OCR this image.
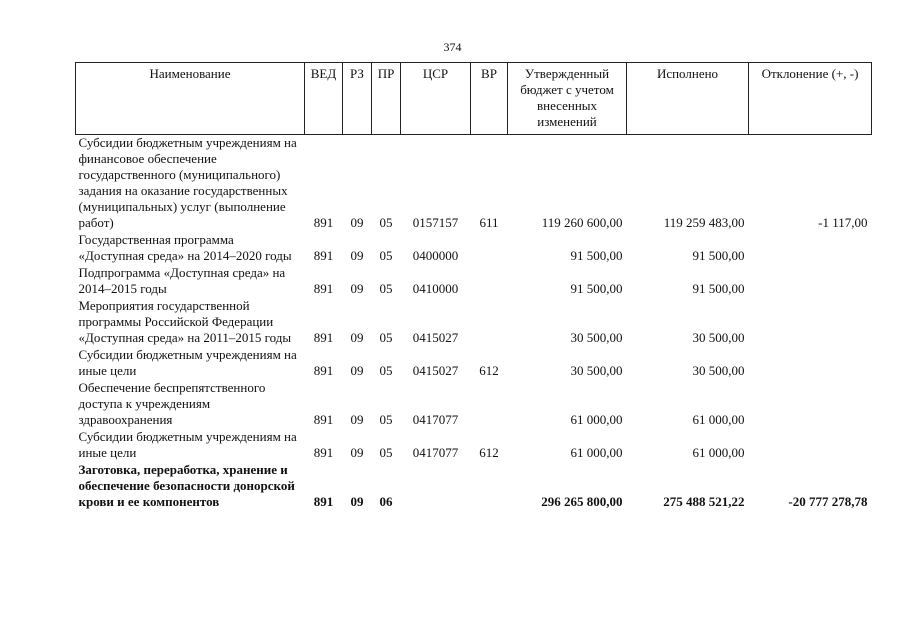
374
Наименование	ВЕД	РЗ	ПР	ЦСР	ВР	Утвержденный бюджет с учетом внесенных изменений	Исполнено	Отклонение (+, -)
Субсидии бюджетным учреждениям на финансовое обеспечение государственного (муниципального) задания на оказание государственных (муниципальных) услуг (выполнение работ)	891	09	05	0157157	611	119 260 600,00	119 259 483,00	-1 117,00
Государственная программа «Доступная среда» на 2014–2020 годы	891	09	05	0400000		91 500,00	91 500,00	
Подпрограмма «Доступная среда» на 2014–2015 годы	891	09	05	0410000		91 500,00	91 500,00	
Мероприятия государственной программы Российской Федерации «Доступная среда» на 2011–2015 годы	891	09	05	0415027		30 500,00	30 500,00	
Субсидии бюджетным учреждениям на иные цели	891	09	05	0415027	612	30 500,00	30 500,00	
Обеспечение беспрепятственного доступа к учреждениям здравоохранения	891	09	05	0417077		61 000,00	61 000,00	
Субсидии бюджетным учреждениям на иные цели	891	09	05	0417077	612	61 000,00	61 000,00	
Заготовка, переработка, хранение и обеспечение безопасности донорской крови и ее компонентов	891	09	06			296 265 800,00	275 488 521,22	-20 777 278,78
